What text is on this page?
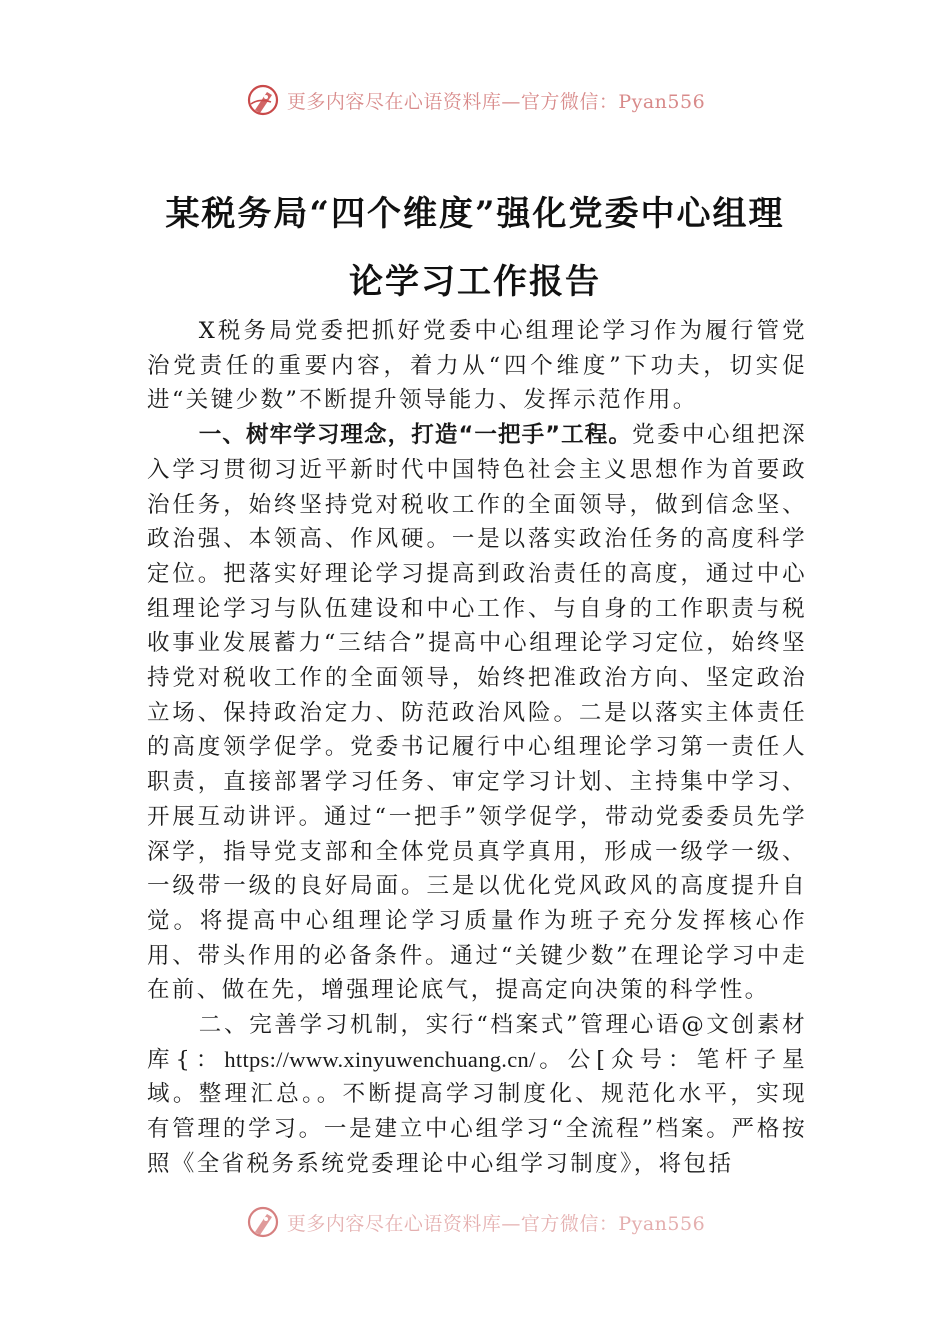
更多内容尽在心语资料库—官方微信：Pyan556
某税务局“四个维度”强化党委中心组理
论学习工作报告

X税务局党委把抓好党委中心组理论学习作为履行管党治党责任的重要内容，着力从“四个维度”下功夫，切实促进“关键少数”不断提升领导能力、发挥示范作用。

一、树牢学习理念，打造“一把手”工程。党委中心组把深入学习贯彻习近平新时代中国特色社会主义思想作为首要政治任务，始终坚持党对税收工作的全面领导，做到信念坚、政治强、本领高、作风硬。一是以落实政治任务的高度科学定位。把落实好理论学习提高到政治责任的高度，通过中心组理论学习与队伍建设和中心工作、与自身的工作职责与税收事业发展蓄力“三结合”提高中心组理论学习定位，始终坚持党对税收工作的全面领导，始终把准政治方向、坚定政治立场、保持政治定力、防范政治风险。二是以落实主体责任的高度领学促学。党委书记履行中心组理论学习第一责任人职责，直接部署学习任务、审定学习计划、主持集中学习、开展互动讲评。通过“一把手”领学促学，带动党委委员先学深学，指导党支部和全体党员真学真用，形成一级学一级、一级带一级的良好局面。三是以优化党风政风的高度提升自觉。将提高中心组理论学习质量作为班子充分发挥核心作用、带头作用的必备条件。通过“关键少数”在理论学习中走在前、做在先，增强理论底气，提高定向决策的科学性。

二、完善学习机制，实行“档案式”管理心语@文创素材库{：https://www.xinyuwenchuang.cn/。公[众号：笔杆子星域。整理汇总。。不断提高学习制度化、规范化水平，实现有管理的学习。一是建立中心组学习“全流程”档案。严格按照《全省税务系统党委理论中心组学习制度》，将包括

更多内容尽在心语资料库—官方微信：Pyan556
